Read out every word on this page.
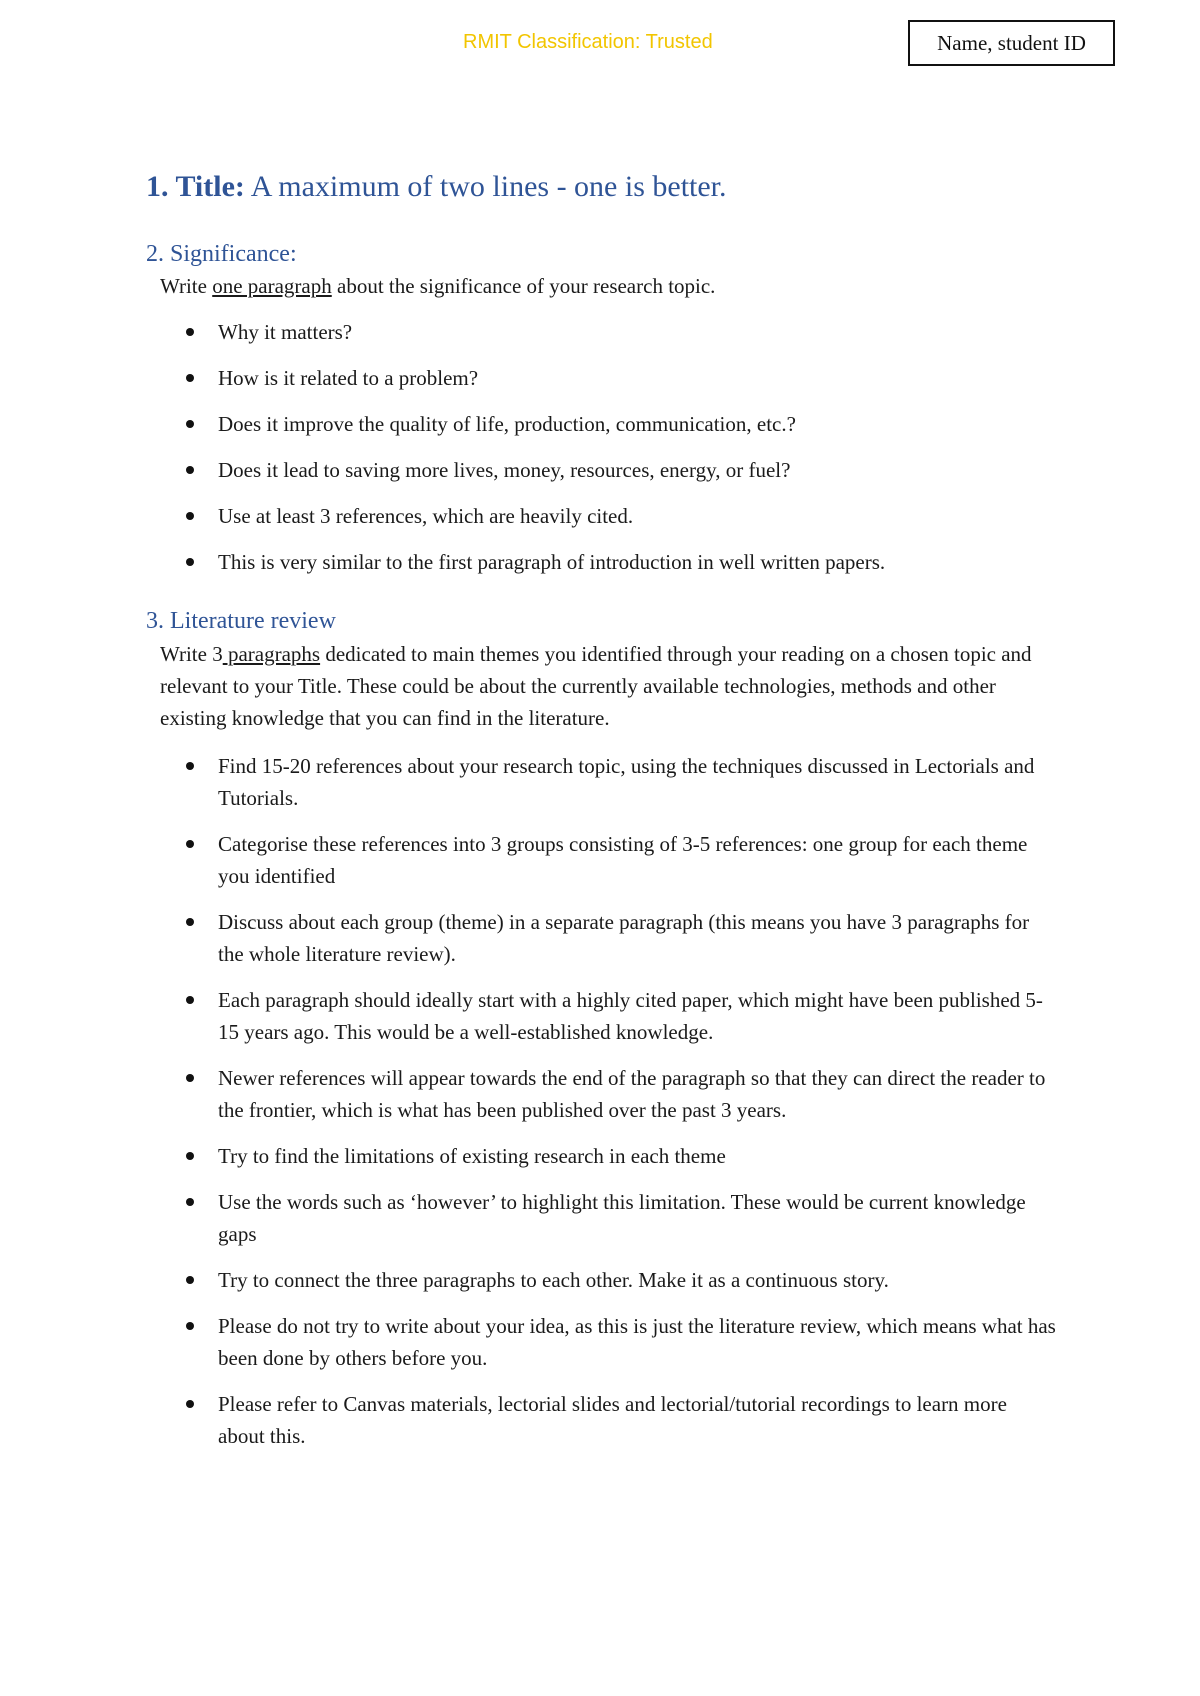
RMIT Classification: Trusted	Name, student ID
1. Title: A maximum of two lines - one is better.
2. Significance:
Write one paragraph about the significance of your research topic.
Why it matters?
How is it related to a problem?
Does it improve the quality of life, production, communication, etc.?
Does it lead to saving more lives, money, resources, energy, or fuel?
Use at least 3 references, which are heavily cited.
This is very similar to the first paragraph of introduction in well written papers.
3. Literature review
Write 3 paragraphs dedicated to main themes you identified through your reading on a chosen topic and relevant to your Title. These could be about the currently available technologies, methods and other existing knowledge that you can find in the literature.
Find 15-20 references about your research topic, using the techniques discussed in Lectorials and Tutorials.
Categorise these references into 3 groups consisting of 3-5 references: one group for each theme you identified
Discuss about each group (theme) in a separate paragraph (this means you have 3 paragraphs for the whole literature review).
Each paragraph should ideally start with a highly cited paper, which might have been published 5-15 years ago. This would be a well-established knowledge.
Newer references will appear towards the end of the paragraph so that they can direct the reader to the frontier, which is what has been published over the past 3 years.
Try to find the limitations of existing research in each theme
Use the words such as ‘however’ to highlight this limitation. These would be current knowledge gaps
Try to connect the three paragraphs to each other. Make it as a continuous story.
Please do not try to write about your idea, as this is just the literature review, which means what has been done by others before you.
Please refer to Canvas materials, lectorial slides and lectorial/tutorial recordings to learn more about this.
